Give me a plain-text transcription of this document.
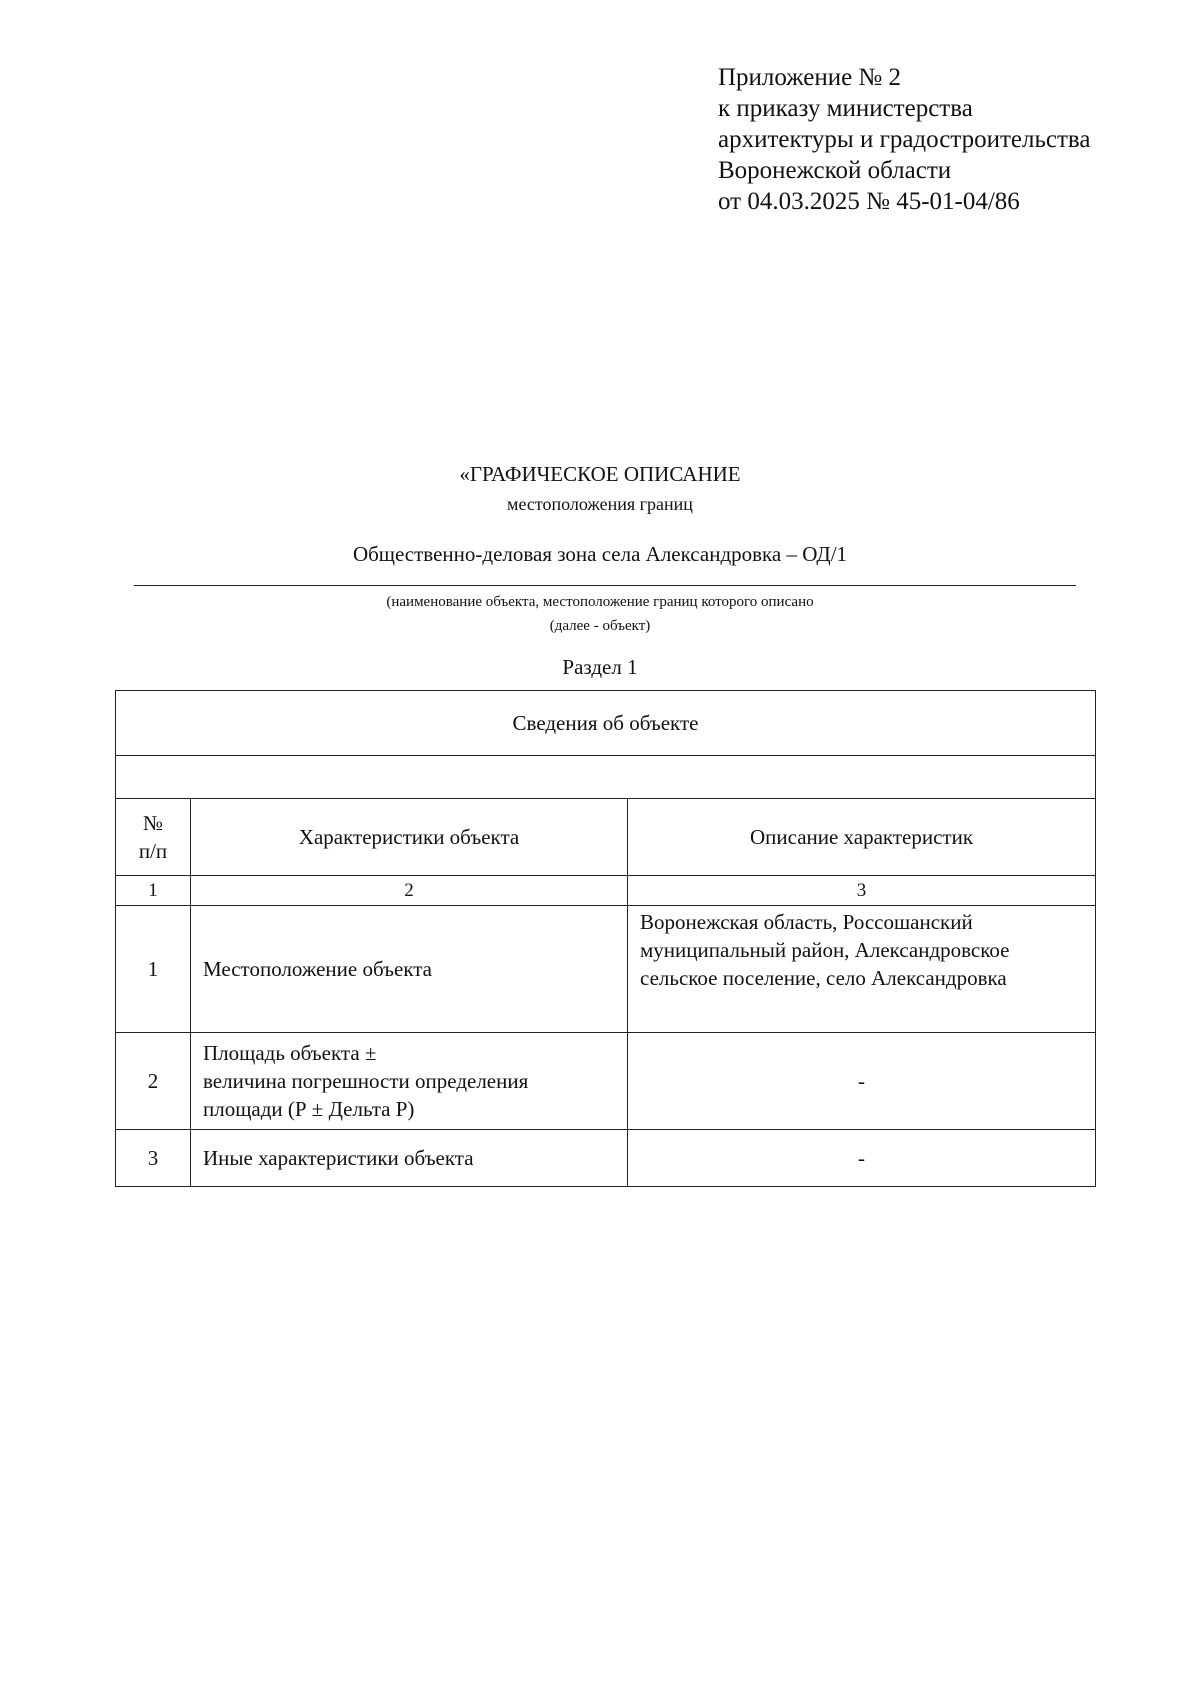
Приложение № 2
к приказу министерства
архитектуры и градостроительства
Воронежской области
от 04.03.2025 № 45-01-04/86
«ГРАФИЧЕСКОЕ ОПИСАНИЕ
местоположения границ
Общественно-деловая зона села Александровка – ОД/1
(наименование объекта, местоположение границ которого описано
(далее - объект)
Раздел 1
Сведения об объекте		

№
п/п	Характеристики объекта	Описание характеристик
1	2	3
1	Местоположение объекта	Воронежская область, Россошанский
муниципальный район, Александровское
сельское поселение, село Александровка

2	Площадь объекта ±
величина погрешности определения
площади (Р ± Дельта Р)	-
3	Иные характеристики объекта	-
